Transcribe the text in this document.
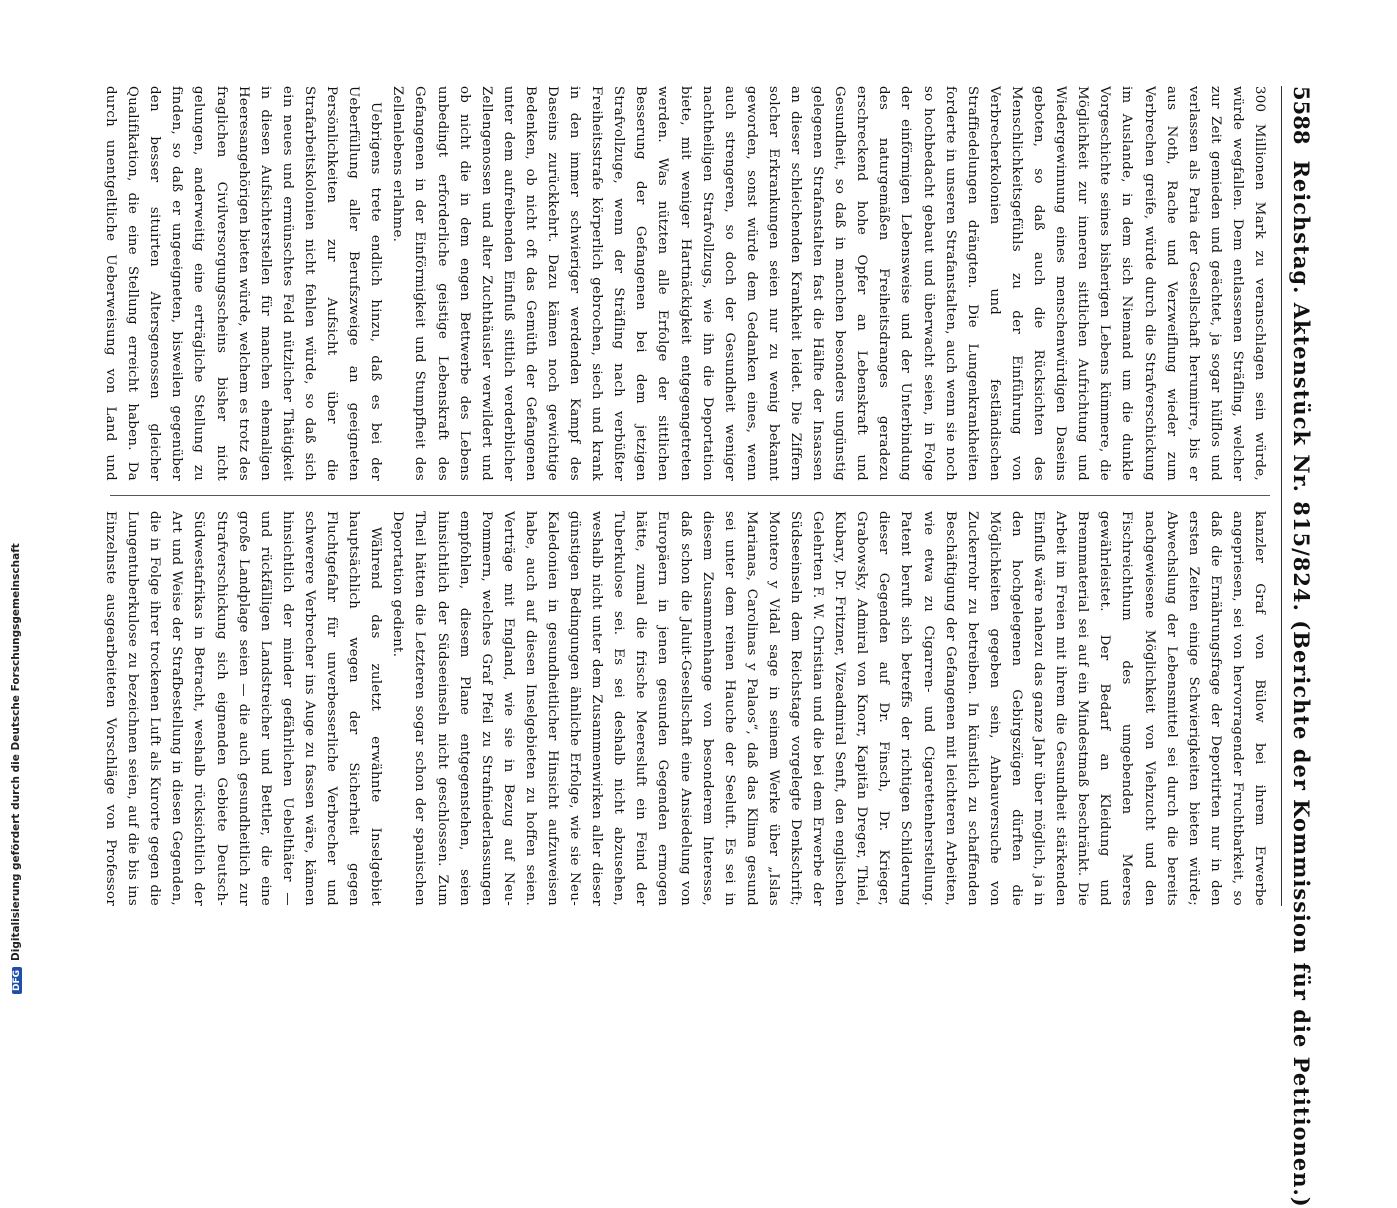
DFGDigitalisierung gefördert durch die Deutsche Forschungsgemeinschaft
5588
Reichstag. Aktenstück Nr. 815/824. (Berichte der Kommission für die Petitionen.)

300 Millionen Mark zu veranschlagen sein würde, würde wegfallen. Dem entlassenen Sträfling, welcher zur Zeit gemieden und geächtet, ja sogar hülflos und verlassen als Paria der Gesellschaft herumirre, bis er aus Noth, Rache und Verzweiflung wieder zum Verbrechen greife, würde durch die Strafverschickung im Auslande, in dem sich Niemand um die dunkle Vorgeschichte seines bisherigen Lebens kümmere, die Möglichkeit zur inneren sittlichen Aufrichtung und Wiedergewinnung eines menschenwürdigen Daseins geboten, so daß auch die Rücksichten des Menschlichkeitsgefühls zu der Einführung von Verbrecherkolonien und festländischen Straffiedelungen drängten. Die Lungenkrankheiten forderte in unseren Strafanstalten, auch wenn sie noch so hochbedacht gebaut und überwacht seien, in Folge der einförmigen Lebensweise und der Unterbindung des naturgemäßen Freiheitsdranges geradezu erschreckend hohe Opfer an Lebenskraft und Gesundheit, so daß in manchen besonders ungünstig gelegenen Strafanstalten fast die Hälfte der Insassen an dieser schleichenden Krankheit leidet. Die Ziffern solcher Erkrankungen seien nur zu wenig bekannt geworden, sonst würde dem Gedanken eines, wenn auch strengeren, so doch der Gesundheit weniger nachtheiligen Strafvollzugs, wie ihn die Deportation biete, mit weniger Hartnäckigkeit entgegengetreten werden. Was nützten alle Erfolge der sittlichen Besserung der Gefangenen bei dem jetzigen Strafvollzuge, wenn der Sträfling nach verbüßter Freiheitsstrafe körperlich gebrochen, siech und krank in den immer schwieriger werdenden Kampf des Daseins zurückkehrt. Dazu kämen noch gewichtige Bedenken, ob nicht oft das Gemüth der Gefangenen unter dem aufreibenden Einfluß sittlich verderblicher Zellengenossen und alter Zuchthäusler verwildert und ob nicht die in dem engen Bettwerbe des Lebens unbedingt erforderliche geistige Lebenskraft des Gefangenen in der Einförmigkeit und Stumpfheit des Zellenlebens erlahme.

Uebrigens trete endlich hinzu, daß es bei der Ueberfüllung aller Berufszweige an geeigneten Persönlichkeiten zur Aufsicht über die Strafarbeitskolonien nicht fehlen würde, so daß sich ein neues und ermünschtes Feld nützlicher Thätigkeit in diesen Aufsichterstellen für manchen ehemaligen Heeresangehörigen bieten würde, welchem es trotz des fraglichen Civilversorgungsscheins bisher nicht gelungen, anderweitig eine erträgliche Stellung zu finden, so daß er ungeeigneten, bisweilen gegenüber den besser situirten Altersgenossen gleicher Qualifikation, die eine Stellung erreicht haben. Da durch unentgeltliche Ueberweisung von Land und

kanzler Graf von Bülow bei ihrem Erwerbe angepriesen, sei von hervorragender Fruchtbarkeit, so daß die Ernährungsfrage der Deportirten nur in den ersten Zeiten einige Schwierigkeiten bieten würde; Abwechslung der Lebensmittel sei durch die bereits nachgewiesene Möglichkeit von Viehzucht und den Fischreichthum des umgebenden Meeres gewährleistet. Der Bedarf an Kleidung und Brennmaterial sei auf ein Mindestmaß beschränkt. Die Arbeit im Freien mit ihrem die Gesundheit stärkenden Einfluß wäre nahezu das ganze Jahr über möglich, ja in den hochgelegenen Gebirgszügen dürften die Möglichkeiten gegeben sein, Anbauversuche von Zuckerrohr zu betreiben. In künstlich zu schaffenden Beschäftigung der Gefangenen mit leichteren Arbeiten, wie etwa zu Cigarren- und Cigarettenherstellung. Patent beruft sich betreffs der richtigen Schilderung dieser Gegenden auf Dr. Finsch, Dr. Krieger, Grabowsky, Admiral von Knorr, Kapitän Dreger, Thiel, Kubary, Dr. Fritzner, Vizeadmiral Senft, den englischen Gelehrten F. W. Christian und die bei dem Erwerbe der Südseeinseln dem Reichstage vorgelegte Denkschrift; Montero y Vidal sage in seinem Werke über „Islas Marianas, Carolinas y Palaos“, daß das Klima gesund sei unter dem reinen Hauche der Seeluft. Es sei in diesem Zusammenhange von besonderem Interesse, daß schon die Jaluit-Gesellschaft eine Ansiedelung von Europäern in jenen gesunden Gegenden ermogen hätte, zumal die frische Meeresluft ein Feind der Tuberkulose sei. Es sei deshalb nicht abzusehen, weshalb nicht unter dem Zusammenwirken aller dieser günstigen Bedingungen ähnliche Erfolge, wie sie Neu-Kaledonien in gesundheitlicher Hinsicht aufzuweisen habe, auch auf diesen Inselgebieten zu hoffen seien. Verträge mit England, wie sie in Bezug auf Neu-Pommern, welches Graf Pfeil zu Strafniederlassungen empfohlen, diesem Plane entgegenstehen, seien hinsichtlich der Südseeinseln nicht geschlossen. Zum Theil hätten die Letzteren sogar schon der spanischen Deportation gedient.

Während das zuletzt erwähnte Inselgebiet hauptsächlich wegen der Sicherheit gegen Fluchtgefahr für unverbesserliche Verbrecher und schwerere Verbrecher ins Auge zu fassen wäre, kämen hinsichtlich der minder gefährlichen Uebelthäter — und rückfälligen Landstreicher und Bettler, die eine große Landplage seien — die auch gesundheitlich zur Strafverschickung sich eignenden Gebiete Deutsch-Südwestafrikas in Betracht, weshalb rücksichtlich der Art und Weise der Strafbestellung in diesen Gegenden, die in Folge ihrer trockenen Luft als Kurorte gegen die Lungentuberkulose zu bezeichnen seien, auf die bis ins Einzelnste ausgearbeiteten Vorschläge von Professor
